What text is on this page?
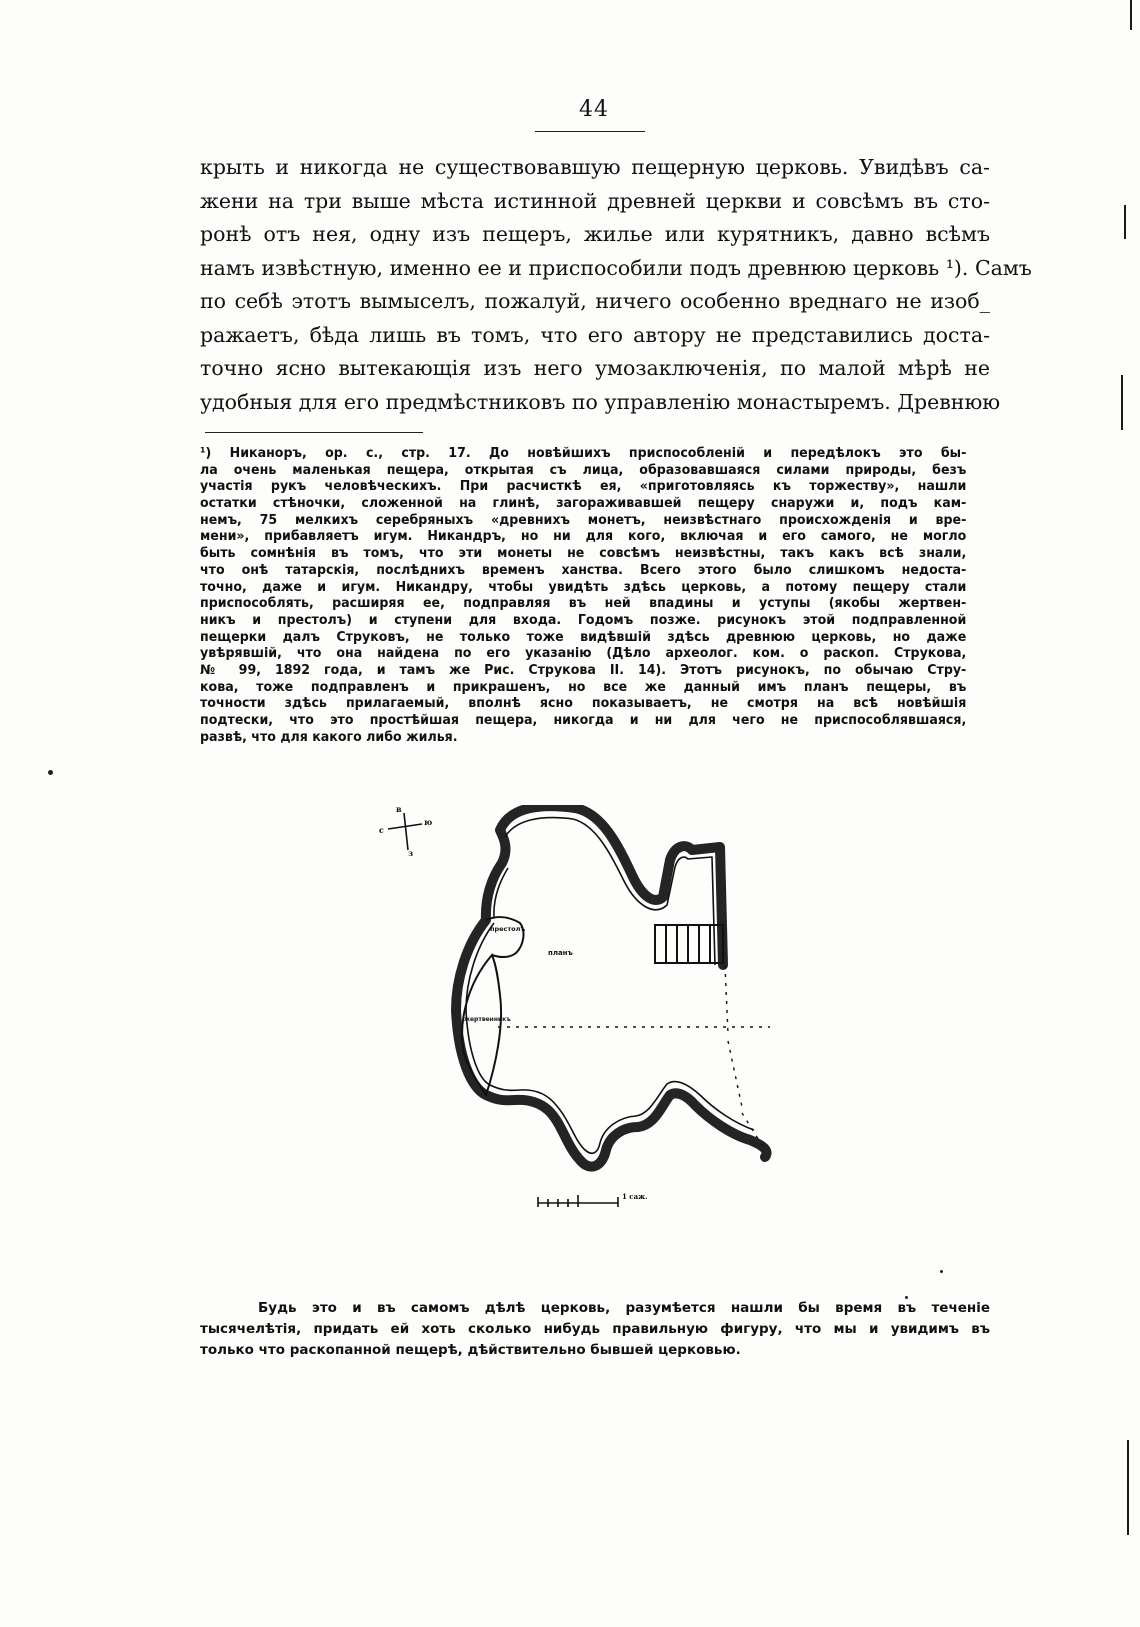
44
крыть и никогда не существовавшую пещерную церковь. Увидѣвъ са-
жени на три выше мѣста истинной древней церкви и совсѣмъ въ сто-
ронѣ отъ нея, одну изъ пещеръ, жилье или курятникъ, давно всѣмъ
намъ извѣстную, именно ее и приспособили подъ древнюю церковь ¹). Самъ
по себѣ этотъ вымыселъ, пожалуй, ничего особенно вреднаго не изоб_
ражаетъ, бѣда лишь въ томъ, что его автору не представились доста-
точно ясно вытекающія изъ него умозаключенія, по малой мѣрѣ не
удобныя для его предмѣстниковъ по управленію монастыремъ. Древнюю
¹) Никаноръ, op. c., стр. 17. До новѣйшихъ приспособленій и передѣлокъ это бы-
ла очень маленькая пещера, открытая съ лица, образовавшаяся силами природы, безъ
участія рукъ человѣческихъ. При расчисткѣ ея, «приготовляясь къ торжеству», нашли
остатки стѣночки, сложенной на глинѣ, загораживавшей пещеру снаружи и, подъ кам-
немъ, 75 мелкихъ серебряныхъ «древнихъ монетъ, неизвѣстнаго происхожденія и вре-
мени», прибавляетъ игум. Никандръ, но ни для кого, включая и его самого, не могло
быть сомнѣнія въ томъ, что эти монеты не совсѣмъ неизвѣстны, такъ какъ всѣ знали,
что онѣ татарскія, послѣднихъ временъ ханства. Всего этого было слишкомъ недоста-
точно, даже и игум. Никандру, чтобы увидѣть здѣсь церковь, а потому пещеру стали
приспособлять, расширяя ее, подправляя въ ней впадины и уступы (якобы жертвен-
никъ и престолъ) и ступени для входа. Годомъ позже. рисунокъ этой подправленной
пещерки далъ Струковъ, не только тоже видѣвшій здѣсь древнюю церковь, но даже
увѣрявшій, что она найдена по его указанію (Дѣло археолог. ком. о раскоп. Струкова,
№ 99, 1892 года, и тамъ же Рис. Струкова II. 14). Этотъ рисунокъ, по обычаю Стру-
кова, тоже подправленъ и прикрашенъ, но все же данный имъ планъ пещеры, въ
точности здѣсь прилагаемый, вполнѣ ясно показываетъ, не смотря на всѣ новѣйшія
подтески, что это простѣйшая пещера, никогда и ни для чего не приспособлявшаяся,
развѣ, что для какого либо жилья.
в
с
ю
з
престолъ
жертвенникъ
планъ
1 саж.
Будь это и въ самомъ дѣлѣ церковь, разумѣется нашли бы время въ теченіе
тысячелѣтія, придать ей хоть сколько нибудь правильную фигуру, что мы и увидимъ въ
только что раскопанной пещерѣ, дѣйствительно бывшей церковью.
